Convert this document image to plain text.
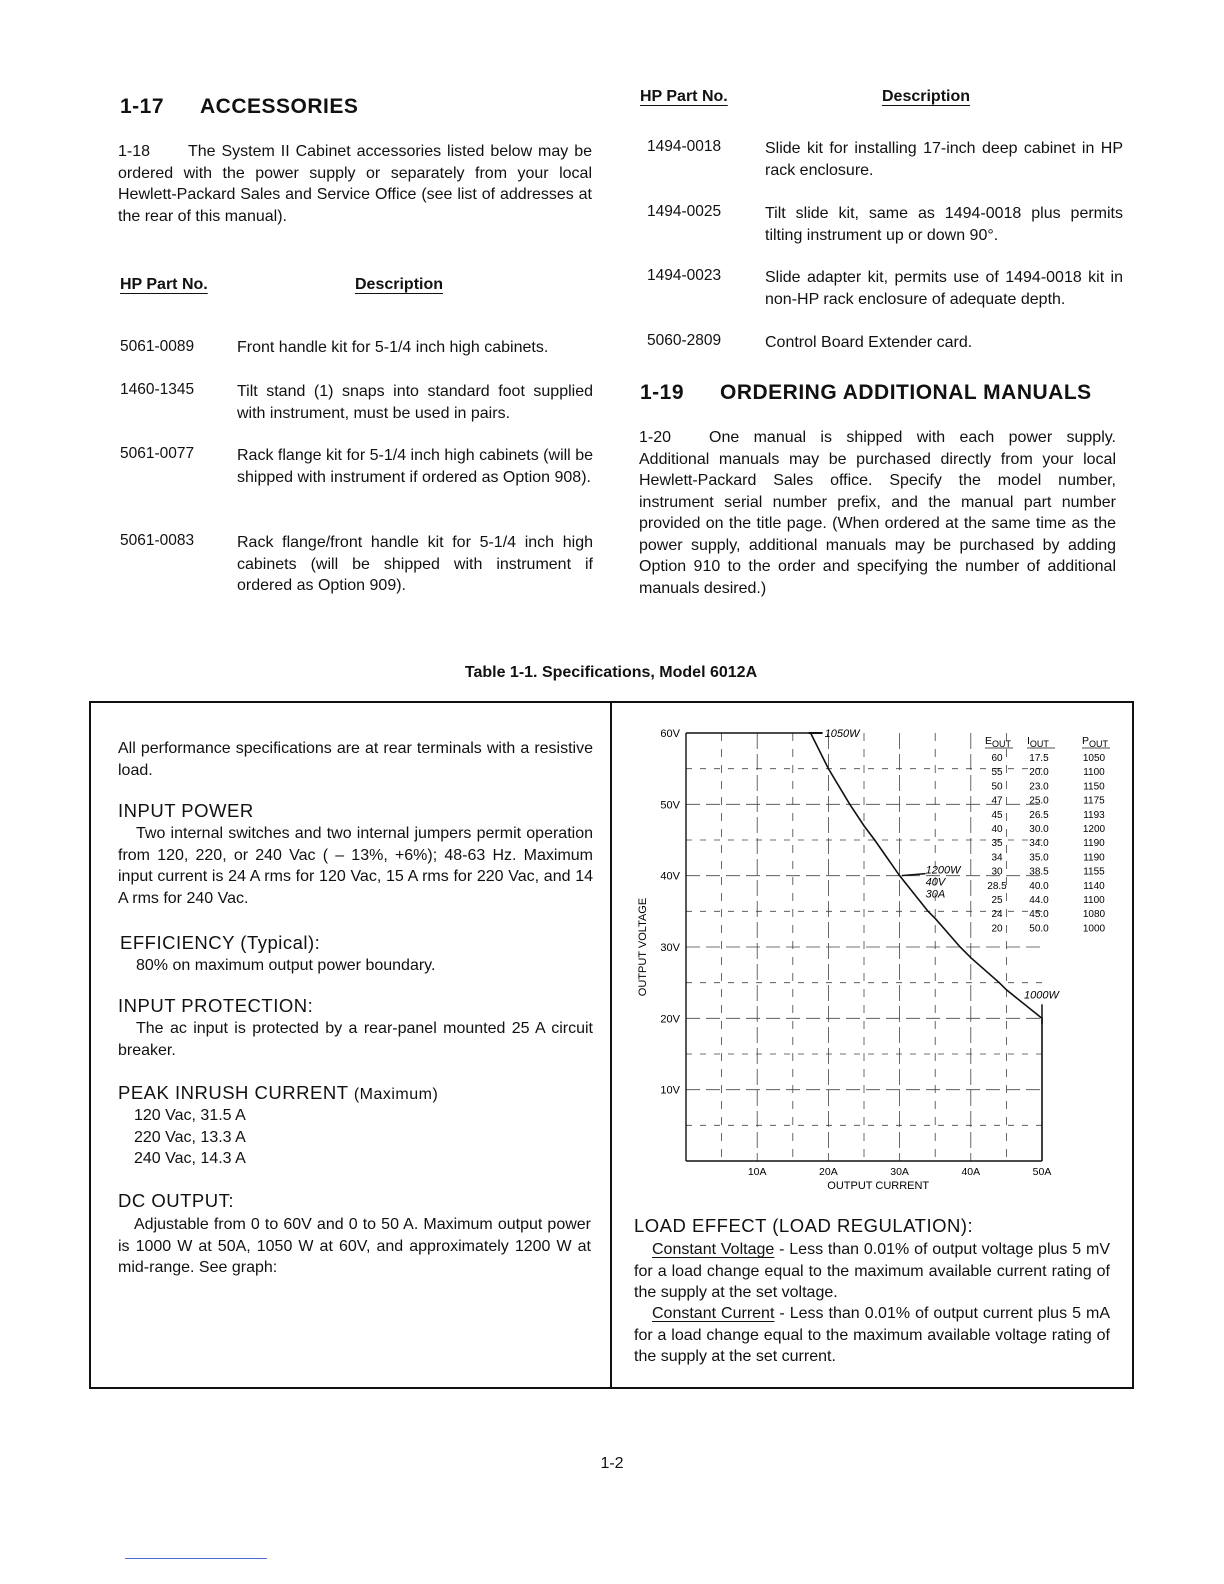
1-17 ACCESSORIES
1-18 The System II Cabinet accessories listed below may be ordered with the power supply or separately from your local Hewlett-Packard Sales and Service Office (see list of addresses at the rear of this manual).
HP Part No.	Description
5061-0089	Front handle kit for 5-1/4 inch high cabinets.
1460-1345	Tilt stand (1) snaps into standard foot supplied with instrument, must be used in pairs.
5061-0077	Rack flange kit for 5-1/4 inch high cabinets (will be shipped with instrument if ordered as Option 908).
5061-0083	Rack flange/front handle kit for 5-1/4 inch high cabinets (will be shipped with instrument if ordered as Option 909).
HP Part No.	Description
1494-0018	Slide kit for installing 17-inch deep cabinet in HP rack enclosure.
1494-0025	Tilt slide kit, same as 1494-0018 plus permits tilting instrument up or down 90°.
1494-0023	Slide adapter kit, permits use of 1494-0018 kit in non-HP rack enclosure of adequate depth.
5060-2809	Control Board Extender card.
1-19 ORDERING ADDITIONAL MANUALS
1-20 One manual is shipped with each power supply. Additional manuals may be purchased directly from your local Hewlett-Packard Sales office. Specify the model number, instrument serial number prefix, and the manual part number provided on the title page. (When ordered at the same time as the power supply, additional manuals may be purchased by adding Option 910 to the order and specifying the number of additional manuals desired.)
Table 1-1. Specifications, Model 6012A
All performance specifications are at rear terminals with a resistive load.
INPUT POWER
Two internal switches and two internal jumpers permit operation from 120, 220, or 240 Vac ( – 13%, +6%); 48-63 Hz. Maximum input current is 24 A rms for 120 Vac, 15 A rms for 220 Vac, and 14 A rms for 240 Vac.
EFFICIENCY (Typical):
80% on maximum output power boundary.
INPUT PROTECTION:
The ac input is protected by a rear-panel mounted 25 A circuit breaker.
PEAK INRUSH CURRENT (Maximum)
120 Vac, 31.5 A
220 Vac, 13.3 A
240 Vac, 14.3 A
DC OUTPUT:
Adjustable from 0 to 60V and 0 to 50 A. Maximum output power is 1000 W at 50A, 1050 W at 60V, and approximately 1200 W at mid-range. See graph:
10V
20V
30V
40V
50V
60V
10A	20A	30A	40A	50A
1050W
1200W
40V
30A
1000W
EOUT IOUT	POUT
60	17.5	1050
55	20.0	1100
50	23.0	1150
47	25.0	1175
45	26.5	1193
40	30.0	1200
35	34.0	1190
34	35.0	1190
30	38.5	1155
28.5 40.0	1140
25	44.0	1100
24	45.0	1080
20	50.0	1000
OUTPUT CURRENT
OUTPUT VOLTAGE
LOAD EFFECT (LOAD REGULATION):
Constant Voltage - Less than 0.01% of output voltage plus 5 mV for a load change equal to the maximum available current rating of the supply at the set voltage.
Constant Current - Less than 0.01% of output current plus 5 mA for a load change equal to the maximum available voltage rating of the supply at the set current.
1-2
